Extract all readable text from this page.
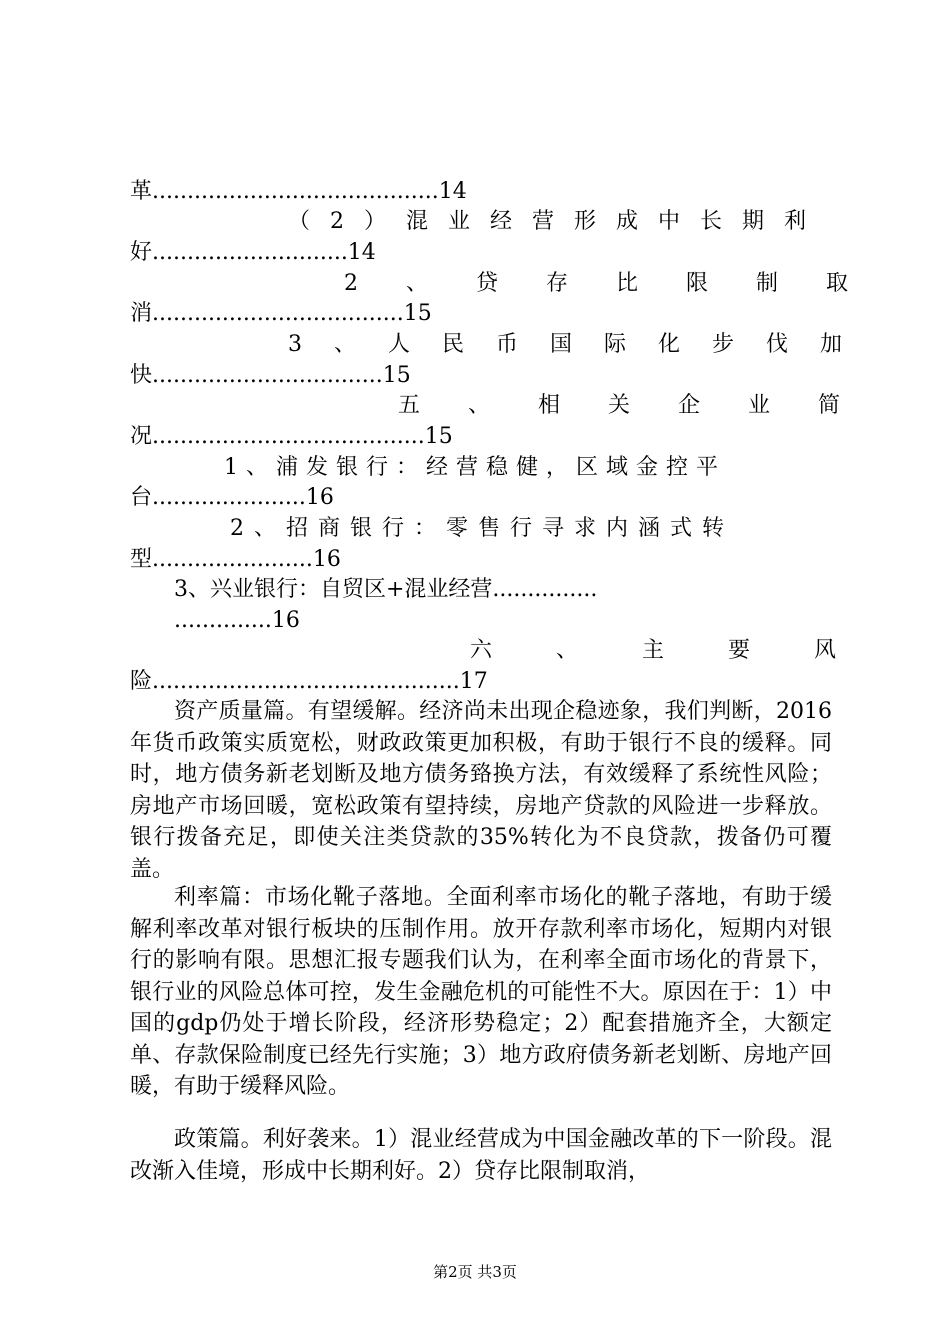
革.........................................14
（2）混业经营形成中长期利
好............................14
2、贷存比限制取
消....................................15
3、人民币国际化步伐加
快.................................15
五、相关企业简
况.......................................15
1、浦发银行：经营稳健，区域金控平
台......................16
2、招商银行：零售行寻求内涵式转
型.......................16
3、兴业银行：自贸区+混业经营...............
..............16
六、主要风
险............................................17
资产质量篇。有望缓解。经济尚未出现企稳迹象，我们判断，2016年货币政策实质宽松，财政政策更加积极，有助于银行不良的缓释。同时，地方债务新老划断及地方债务臵换方法，有效缓释了系统性风险；房地产市场回暖，宽松政策有望持续，房地产贷款的风险进一步释放。银行拨备充足，即使关注类贷款的35%转化为不良贷款，拨备仍可覆盖。
利率篇：市场化靴子落地。全面利率市场化的靴子落地，有助于缓解利率改革对银行板块的压制作用。放开存款利率市场化，短期内对银行的影响有限。思想汇报专题我们认为，在利率全面市场化的背景下，银行业的风险总体可控，发生金融危机的可能性不大。原因在于：1）中国的gdp仍处于增长阶段，经济形势稳定；2）配套措施齐全，大额定单、存款保险制度已经先行实施；3）地方政府债务新老划断、房地产回暖，有助于缓释风险。
政策篇。利好袭来。1）混业经营成为中国金融改革的下一阶段。混改渐入佳境，形成中长期利好。2）贷存比限制取消，
第2页 共3页
